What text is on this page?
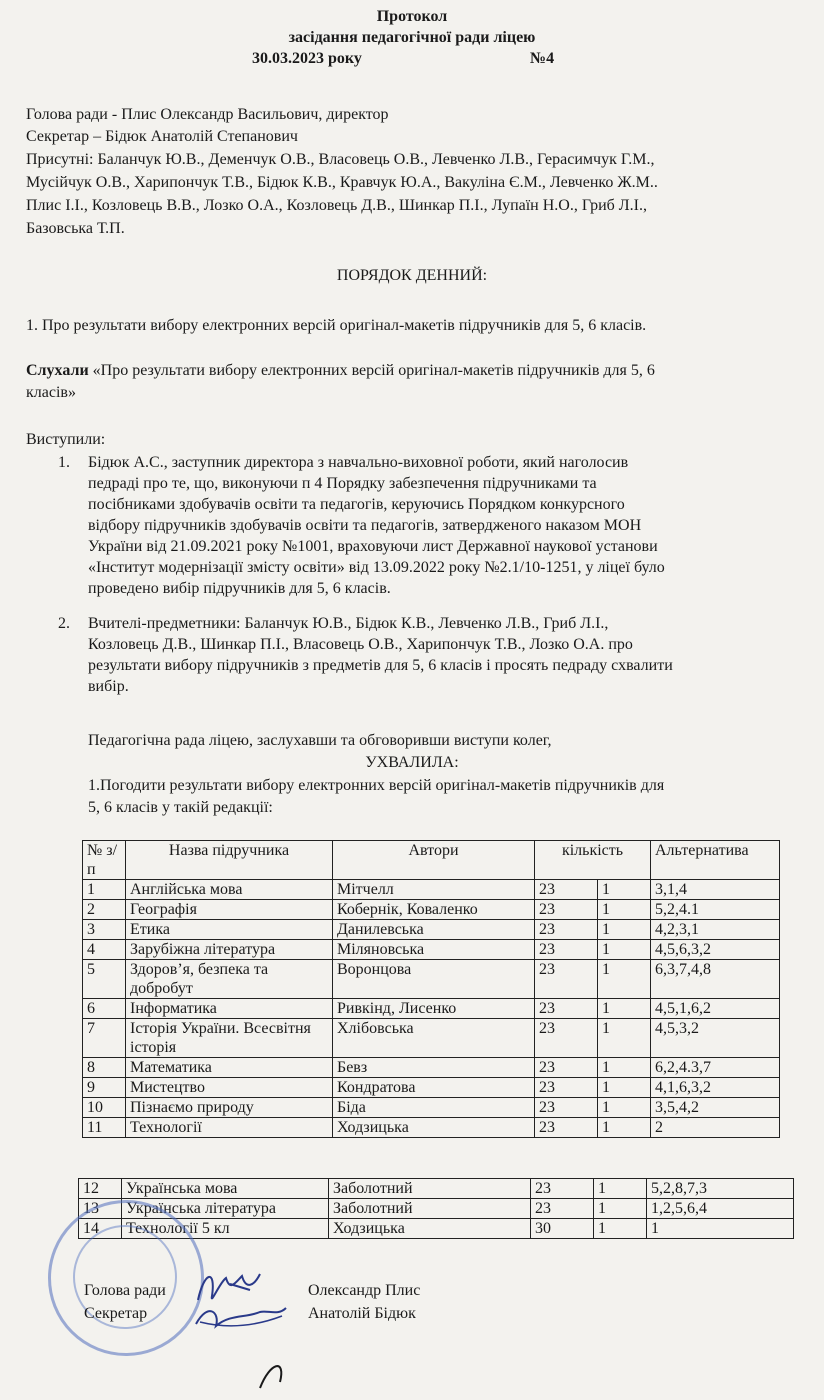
Протокол
засідання педагогічної ради ліцею
30.03.2023 року	№4
Голова ради - Плис Олександр Васильович, директор
Секретар – Бідюк Анатолій Степанович
Присутні: Баланчук Ю.В., Деменчук О.В., Власовець О.В., Левченко Л.В., Герасимчук Г.М.,
Мусійчук О.В., Харипончук Т.В., Бідюк К.В., Кравчук Ю.А., Вакуліна Є.М., Левченко Ж.М..
Плис І.І., Козловець В.В., Лозко О.А., Козловець Д.В., Шинкар П.І., Лупаїн Н.О., Гриб Л.І.,
Базовська Т.П.
ПОРЯДОК ДЕННИЙ:
1. Про результати вибору електронних версій оригінал-макетів підручників для 5, 6 класів.
Слухали «Про результати вибору електронних версій оригінал-макетів підручників для 5, 6
класів»
Виступили:
1. Бідюк А.С., заступник директора з навчально-виховної роботи, який наголосив
педраді про те, що, виконуючи п 4 Порядку забезпечення підручниками та
посібниками здобувачів освіти та педагогів, керуючись Порядком конкурсного
відбору підручників здобувачів освіти та педагогів, затвердженого наказом МОН
України від 21.09.2021 року №1001, враховуючи лист Державної наукової установи
«Інститут модернізації змісту освіти» від 13.09.2022 року №2.1/10-1251, у ліцеї було
проведено вибір підручників для 5, 6 класів.
2. Вчителі-предметники: Баланчук Ю.В., Бідюк К.В., Левченко Л.В., Гриб Л.І.,
Козловець Д.В., Шинкар П.І., Власовець О.В., Харипончук Т.В., Лозко О.А. про
результати вибору підручників з предметів для 5, 6 класів і просять педраду схвалити
вибір.
Педагогічна рада ліцею, заслухавши та обговоривши виступи колег,
УХВАЛИЛА:
1.Погодити результати вибору електронних версій оригінал-макетів підручників для
5, 6 класів у такій редакції:
№ з/п	Назва підручника	Автори	кількість		Альтернатива
1	Англійська мова	Мітчелл	23	1	3,1,4
2	Географія	Кобернік, Коваленко	23	1	5,2,4.1
3	Етика	Данилевська	23	1	4,2,3,1
4	Зарубіжна література	Міляновська	23	1	4,5,6,3,2
5	Здоров’я, безпека та добробут	Воронцова	23	1	6,3,7,4,8
6	Інформатика	Ривкінд, Лисенко	23	1	4,5,1,6,2
7	Історія України. Всесвітня історія	Хлібовська	23	1	4,5,3,2
8	Математика	Бевз	23	1	6,2,4.3,7
9	Мистецтво	Кондратова	23	1	4,1,6,3,2
10	Пізнаємо природу	Біда	23	1	3,5,4,2
11	Технології	Ходзицька	23	1	2
12	Українська мова	Заболотний	23	1	5,2,8,7,3
13	Українська література	Заболотний	23	1	1,2,5,6,4
14	Технології 5 кл	Ходзицька	30	1	1
Голова ради
Секретар
Олександр Плис
Анатолій Бідюк
